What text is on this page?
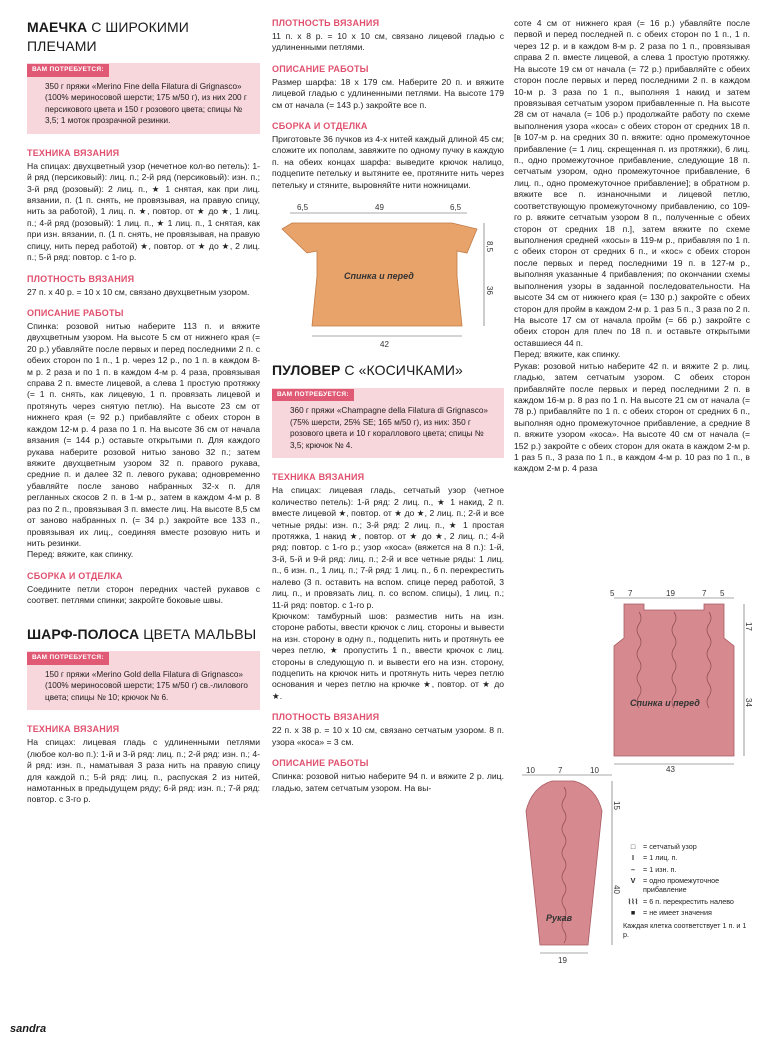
МАЕЧКА С ШИРОКИМИ ПЛЕЧАМИ
ВАМ ПОТРЕБУЕТСЯ:
350 г пряжи «Merino Fine della Filatura di Grignasco» (100% мериносовой шерсти; 175 м/50 г), из них 200 г персикового цвета и 150 г розового цвета; спицы № 3,5; 1 моток прозрачной резинки.
ТЕХНИКА ВЯЗАНИЯ
На спицах: двухцветный узор (нечетное кол-во петель): 1-й ряд (персиковый): лиц. п.; 2-й ряд (персиковый): изн. п.; 3-й ряд (розовый): 2 лиц. п., ★ 1 снятая, как при лиц. вязании, п. (1 п. снять, не провязывая, на правую спицу, нить за работой), 1 лиц. п. ★, повтор. от ★ до ★, 1 лиц. п.; 4-й ряд (розовый): 1 лиц. п., ★ 1 лиц. п., 1 снятая, как при изн. вязании, п. (1 п. снять, не провязывая, на правую спицу, нить перед работой) ★, повтор. от ★ до ★, 2 лиц. п.; 5-й ряд: повтор. с 1-го р.
ПЛОТНОСТЬ ВЯЗАНИЯ
27 п. х 40 р. = 10 х 10 см, связано двухцветным узором.
ОПИСАНИЕ РАБОТЫ
Спинка: розовой нитью наберите 113 п. и вяжите двухцветным узором. На высоте 5 см от нижнего края (= 20 р.) убавляйте после первых и перед последними 2 п. с обеих сторон по 1 п., 1 р. через 12 р., по 1 п. в каждом 8-м р. 2 раза и по 1 п. в каждом 4-м р. 4 раза, провязывая справа 2 п. вместе лицевой, а слева 1 простую протяжку (= 1 п. снять, как лицевую, 1 п. провязать лицевой и протянуть через снятую петлю). На высоте 23 см от нижнего края (= 92 р.) прибавляйте с обеих сторон в каждом 12-м р. 4 раза по 1 п. На высоте 36 см от начала вязания (= 144 р.) оставьте открытыми п. Для каждого рукава наберите розовой нитью заново 32 п.; затем вяжите двухцветным узором 32 п. правого рукава, средние п. и далее 32 п. левого рукава; одновременно убавляйте после заново набранных 32-х п. для регланных скосов 2 п. в 1-м р., затем в каждом 4-м р. 8 раз по 2 п., провязывая 3 п. вместе лиц. На высоте 8,5 см от заново набранных п. (= 34 р.) закройте все 133 п., провязывая их лиц., соединяя вместе розовую нить и нить резинки.
Перед: вяжите, как спинку.
СБОРКА И ОТДЕЛКА
Соедините петли сторон передних частей рукавов с соответ. петлями спинки; закройте боковые швы.
ШАРФ-ПОЛОСА ЦВЕТА МАЛЬВЫ
ВАМ ПОТРЕБУЕТСЯ:
150 г пряжи «Merino Gold della Filatura di Grignasco» (100% мериносовой шерсти; 175 м/50 г) св.-лилового цвета; спицы № 10; крючок № 6.
ТЕХНИКА ВЯЗАНИЯ
На спицах: лицевая гладь с удлиненными петлями (любое кол-во п.): 1-й и 3-й ряд: лиц. п.; 2-й ряд: изн. п.; 4-й ряд: изн. п., наматывая 3 раза нить на правую спицу для каждой п.; 5-й ряд: лиц. п., распуская 2 из нитей, намотанных в предыдущем ряду; 6-й ряд: изн. п.; 7-й ряд: повтор. с 3-го р.
ПЛОТНОСТЬ ВЯЗАНИЯ
11 п. х 8 р. = 10 х 10 см, связано лицевой гладью с удлиненными петлями.
ОПИСАНИЕ РАБОТЫ
Размер шарфа: 18 х 179 см. Наберите 20 п. и вяжите лицевой гладью с удлиненными петлями. На высоте 179 см от начала (= 143 р.) закройте все п.
СБОРКА И ОТДЕЛКА
Приготовьте 36 пучков из 4-х нитей каждый длиной 45 см; сложите их пополам, завяжите по одному пучку в каждую п. на обеих концах шарфа: выведите крючок налицо, подцепите петельку и вытяните ее, протяните нить через петельку и стяните, выровняйте нити ножницами.
6,5	49	6,5
8,5
36
42
Спинка и перед
ПУЛОВЕР С «КОСИЧКАМИ»
ВАМ ПОТРЕБУЕТСЯ:
360 г пряжи «Champagne della Filatura di Grignasco» (75% шерсти, 25% SE; 165 м/50 г), из них: 350 г розового цвета и 10 г кораллового цвета; спицы № 3,5; крючок № 4.
ТЕХНИКА ВЯЗАНИЯ
На спицах: лицевая гладь, сетчатый узор (четное количество петель): 1-й ряд: 2 лиц. п., ★ 1 накид, 2 п. вместе лицевой ★, повтор. от ★ до ★, 2 лиц. п.; 2-й и все четные ряды: изн. п.; 3-й ряд: 2 лиц. п., ★ 1 простая протяжка, 1 накид ★, повтор. от ★ до ★, 2 лиц. п.; 4-й ряд: повтор. с 1-го р.; узор «коса» (вяжется на 8 п.): 1-й, 3-й, 5-й и 9-й ряд: лиц. п.; 2-й и все четные ряды: 1 лиц. п., 6 изн. п., 1 лиц. п.; 7-й ряд: 1 лиц. п., 6 п. перекрестить налево (3 п. оставить на вспом. спице перед работой, 3 лиц. п., и провязать лиц. п. со вспом. спицы), 1 лиц. п.; 11-й ряд: повтор. с 1-го р.
Крючком: тамбурный шов: разместив нить на изн. стороне работы, ввести крючок с лиц. стороны и вывести на изн. сторону в одну п., подцепить нить и протянуть ее через петлю, ★ пропустить 1 п., ввести крючок с лиц. стороны в следующую п. и вывести его на изн. сторону, подцепить на крючок нить и протянуть нить через петлю основания и через петлю на крючке ★, повтор. от ★ до ★.
ПЛОТНОСТЬ ВЯЗАНИЯ
22 п. х 38 р. = 10 х 10 см, связано сетчатым узором. 8 п. узора «коса» = 3 см.
ОПИСАНИЕ РАБОТЫ
Спинка: розовой нитью наберите 94 п. и вяжите 2 р. лиц. гладью, затем сетчатым узором. На вы-
соте 4 см от нижнего края (= 16 р.) убавляйте после первой и перед последней п. с обеих сторон по 1 п., 1 п. через 12 р. и в каждом 8-м р. 2 раза по 1 п., провязывая справа 2 п. вместе лицевой, а слева 1 простую протяжку. На высоте 19 см от начала (= 72 р.) прибавляйте с обеих сторон после первых и перед последними 2 п. в каждом 10-м р. 3 раза по 1 п., выполняя 1 накид и затем провязывая сетчатым узором прибавленные п. На высоте 28 см от начала (= 106 р.) продолжайте работу по схеме выполнения узора «коса» с обеих сторон от средних 18 п. [в 107-м р. на средних 30 п. вяжите: одно промежуточное прибавление (= 1 лиц. скрещенная п. из протяжки), 6 лиц. п., одно промежуточное прибавление, следующие 18 п. сетчатым узором, одно промежуточное прибавление, 6 лиц. п., одно промежуточное прибавление]; в обратном р. вяжите все п. изнаночными и лицевой петлю, соответствующую промежуточному прибавлению, со 109-го р. вяжите сетчатым узором 8 п., полученные с обеих сторон от средних 18 п.], затем вяжите по схеме выполнения средней «косы» в 119-м р., прибавляя по 1 п. с обеих сторон от средних 6 п., и «кос» с обеих сторон после первых и перед последними 19 п. в 127-м р., выполняя указанные 4 прибавления; по окончании схемы выполнения узоры в заданной последовательности. На высоте 34 см от нижнего края (= 130 р.) закройте с обеих сторон для пройм в каждом 2-м р. 1 раз 5 п., 3 раза по 2 п. На высоте 17 см от начала пройм (= 66 р.) закройте с обеих сторон для плеч по 18 п. и оставьте открытыми оставшиеся 44 п.
Перед: вяжите, как спинку.
Рукав: розовой нитью наберите 42 п. и вяжите 2 р. лиц. гладью, затем сетчатым узором. С обеих сторон прибавляйте после первых и перед последними 2 п. в каждом 16-м р. 8 раз по 1 п. На высоте 21 см от начала (= 78 р.) прибавляйте по 1 п. с обеих сторон от средних 6 п., выполняя одно промежуточное прибавление, а средние 8 п. вяжите узором «коса». На высоте 40 см от начала (= 152 р.) закройте с обеих сторон для оката в каждом 2-м р. 1 раз 5 п., 3 раза по 1 п., в каждом 4-м р. 10 раз по 1 п., в каждом 2-м р. 4 раза
5 7	19	7 5
17
34
43
Спинка и перед
10	7	10
15
40
19
Рукав
□	= сетчатый узор
I	= 1 лиц. п.
–	= 1 изн. п.
V	= одно промежуточное прибавление
⌇⌇⌇ = 6 п. перекрестить налево
■	= не имеет значения
Каждая клетка соответствует 1 п. и 1 р.
sandra
